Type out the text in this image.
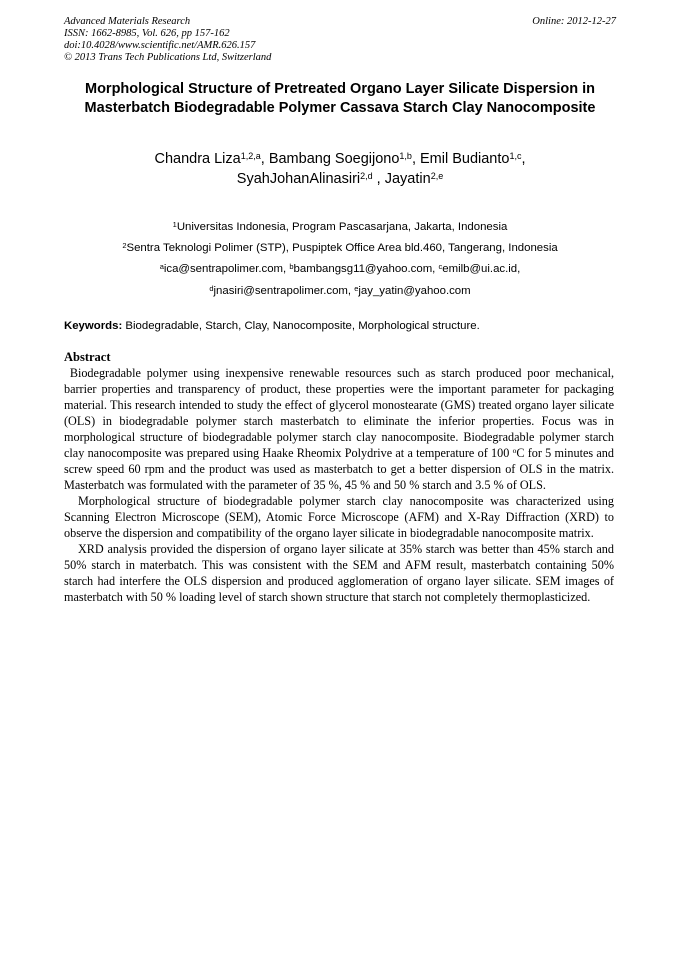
Advanced Materials Research
ISSN: 1662-8985, Vol. 626, pp 157-162
doi:10.4028/www.scientific.net/AMR.626.157
© 2013 Trans Tech Publications Ltd, Switzerland
Online: 2012-12-27
Morphological Structure of Pretreated Organo Layer Silicate Dispersion in Masterbatch Biodegradable Polymer Cassava Starch Clay Nanocomposite
Chandra Liza$^{1,2,a}$, Bambang Soegijono$^{1,b}$, Emil Budianto$^{1,c}$,
SyahJohanAlinasiri$^{2,d}$ , Jayatin$^{2,e}$
$^1$Universitas Indonesia, Program Pascasarjana, Jakarta, Indonesia
$^2$Sentra Teknologi Polimer (STP), Puspiptek Office Area bld.460, Tangerang, Indonesia
$^a$ica@sentrapolimer.com, $^b$bambangsg11@yahoo.com, $^c$emilb@ui.ac.id,
$^d$jnasiri@sentrapolimer.com, $^e$jay_yatin@yahoo.com
Keywords: Biodegradable, Starch, Clay, Nanocomposite, Morphological structure.
Abstract

Biodegradable polymer using inexpensive renewable resources such as starch produced poor mechanical, barrier properties and transparency of product, these properties were the important parameter for packaging material. This research intended to study the effect of glycerol monostearate (GMS) treated organo layer silicate (OLS) in biodegradable polymer starch masterbatch to eliminate the inferior properties. Focus was in morphological structure of biodegradable polymer starch clay nanocomposite. Biodegradable polymer starch clay nanocomposite was prepared using Haake Rheomix Polydrive at a temperature of 100 $^o$C for 5 minutes and screw speed 60 rpm and the product was used as masterbatch to get a better dispersion of OLS in the matrix. Masterbatch was formulated with the parameter of 35 %, 45 % and 50 % starch and 3.5 % of OLS.

Morphological structure of biodegradable polymer starch clay nanocomposite was characterized using Scanning Electron Microscope (SEM), Atomic Force Microscope (AFM) and X-Ray Diffraction (XRD) to observe the dispersion and compatibility of the organo layer silicate in biodegradable nanocomposite matrix.

XRD analysis provided the dispersion of organo layer silicate at 35% starch was better than 45% starch and 50% starch in materbatch. This was consistent with the SEM and AFM result, masterbatch containing 50% starch had interfere the OLS dispersion and produced agglomeration of organo layer silicate. SEM images of masterbatch with 50 % loading level of starch shown structure that starch not completely thermoplasticized.
